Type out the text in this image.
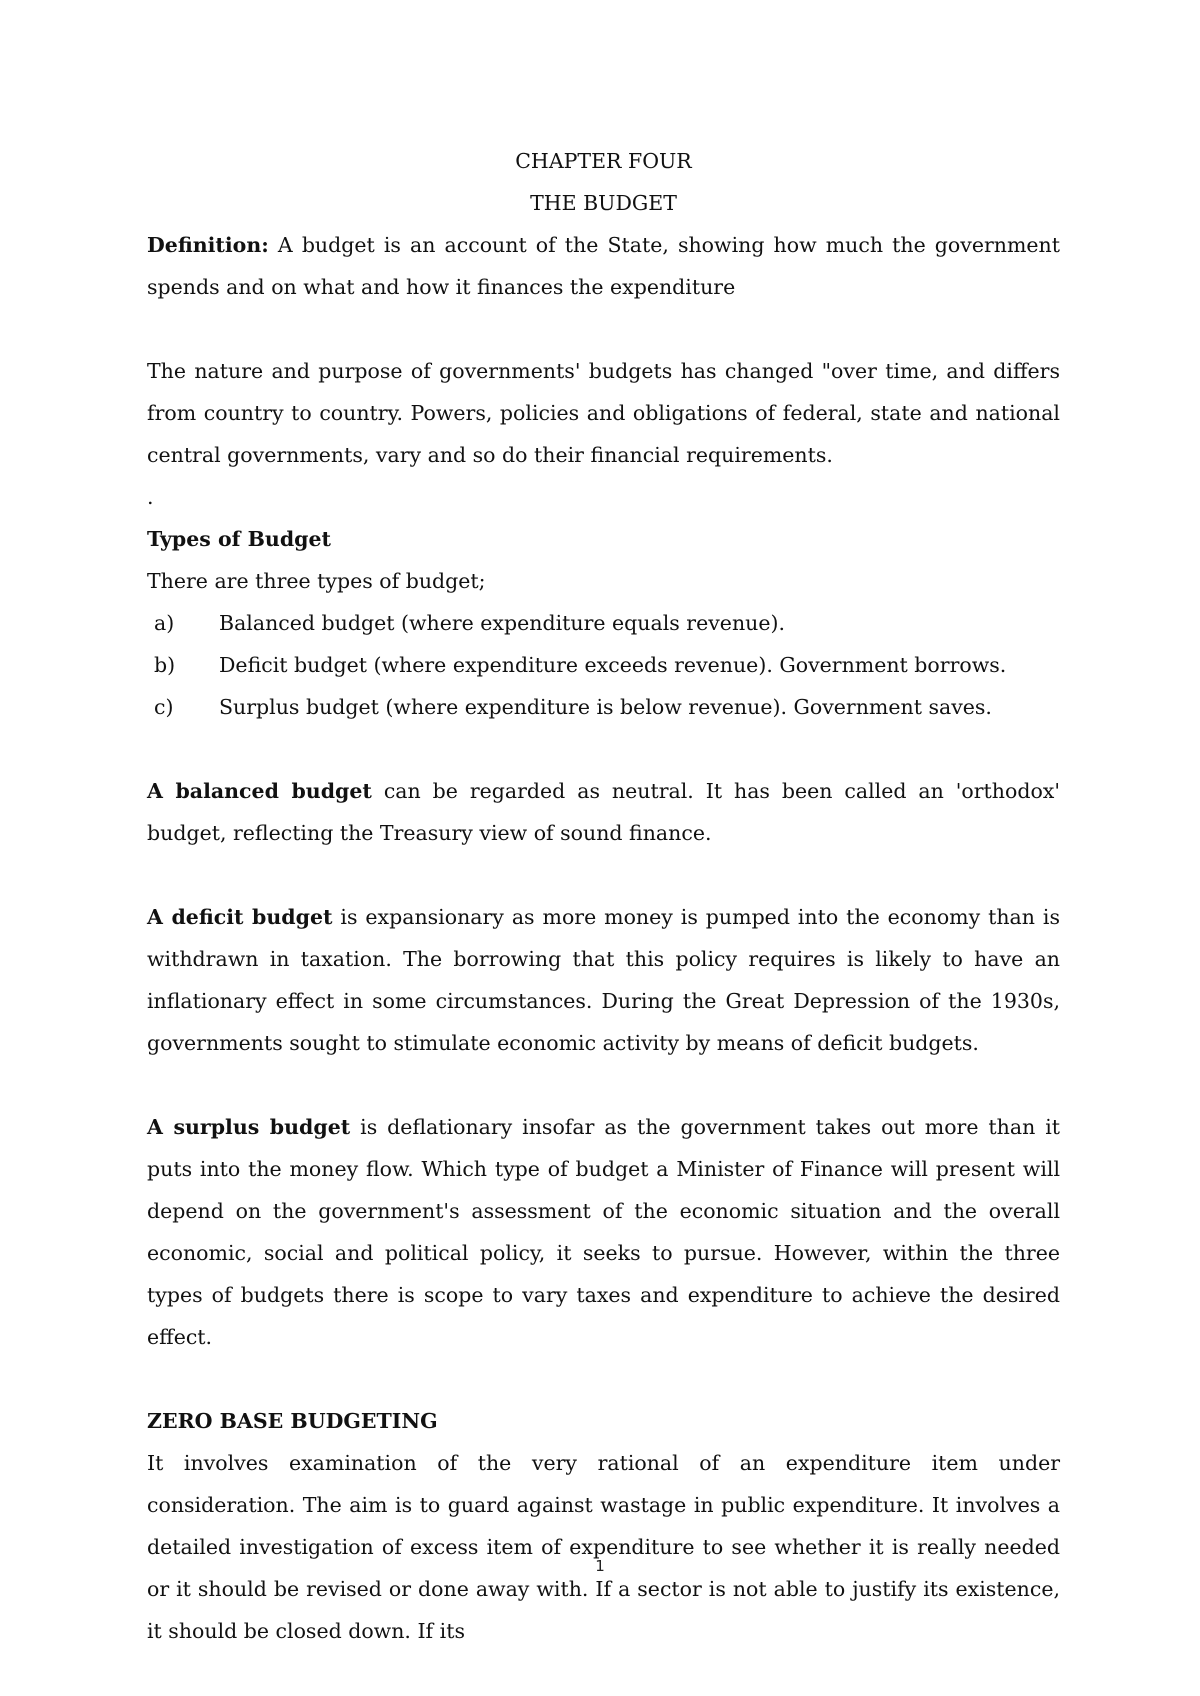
CHAPTER FOUR
THE BUDGET

Definition: A budget is an account of the State, showing how much the government spends and on what and how it finances the expenditure

The nature and purpose of governments' budgets has changed "over time, and differs from country to country. Powers, policies and obligations of federal, state and national central governments, vary and so do their financial requirements.

.
Types of Budget
There are three types of budget;
a)	Balanced budget (where expenditure equals revenue).
b)	Deficit budget (where expenditure exceeds revenue). Government borrows.
c)	Surplus budget (where expenditure is below revenue). Government saves.

A balanced budget can be regarded as neutral. It has been called an 'orthodox' budget, reflecting the Treasury view of sound finance.

A deficit budget is expansionary as more money is pumped into the economy than is withdrawn in taxation. The borrowing that this policy requires is likely to have an inflationary effect in some circumstances. During the Great Depression of the 1930s, governments sought to stimulate economic activity by means of deficit budgets.

A surplus budget is deflationary insofar as the government takes out more than it puts into the money flow. Which type of budget a Minister of Finance will present will depend on the government's assessment of the economic situation and the overall economic, social and political policy, it seeks to pursue. However, within the three types of budgets there is scope to vary taxes and expenditure to achieve the desired effect.

ZERO BASE BUDGETING

It involves examination of the very rational of an expenditure item under consideration. The aim is to guard against wastage in public expenditure. It involves a detailed investigation of excess item of expenditure to see whether it is really needed or it should be revised or done away with. If a sector is not able to justify its existence, it should be closed down. If its

1
